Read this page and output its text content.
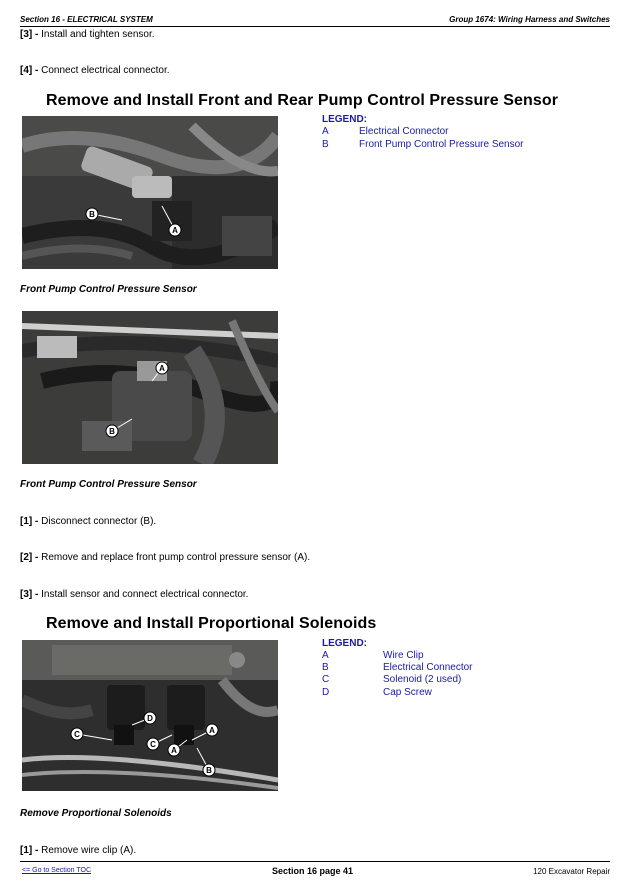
Section 16 - ELECTRICAL SYSTEM	Group 1674: Wiring Harness and Switches
[3] - Install and tighten sensor.
[4] - Connect electrical connector.
Remove and Install Front and Rear Pump Control Pressure Sensor
B
A
LEGEND:
A	Electrical Connector
B	Front Pump Control Pressure Sensor
Front Pump Control Pressure Sensor
A
B
Front Pump Control Pressure Sensor
[1] - Disconnect connector (B).
[2] - Remove and replace front pump control pressure sensor (A).
[3] - Install sensor and connect electrical connector.
Remove and Install Proportional Solenoids
D
C
C
A
A
B
LEGEND:
A	Wire Clip
B	Electrical Connector
C	Solenoid (2 used)
D	Cap Screw
Remove Proportional Solenoids
[1] - Remove wire clip (A).
<= Go to Section TOC	Section 16 page 41	120 Excavator Repair
